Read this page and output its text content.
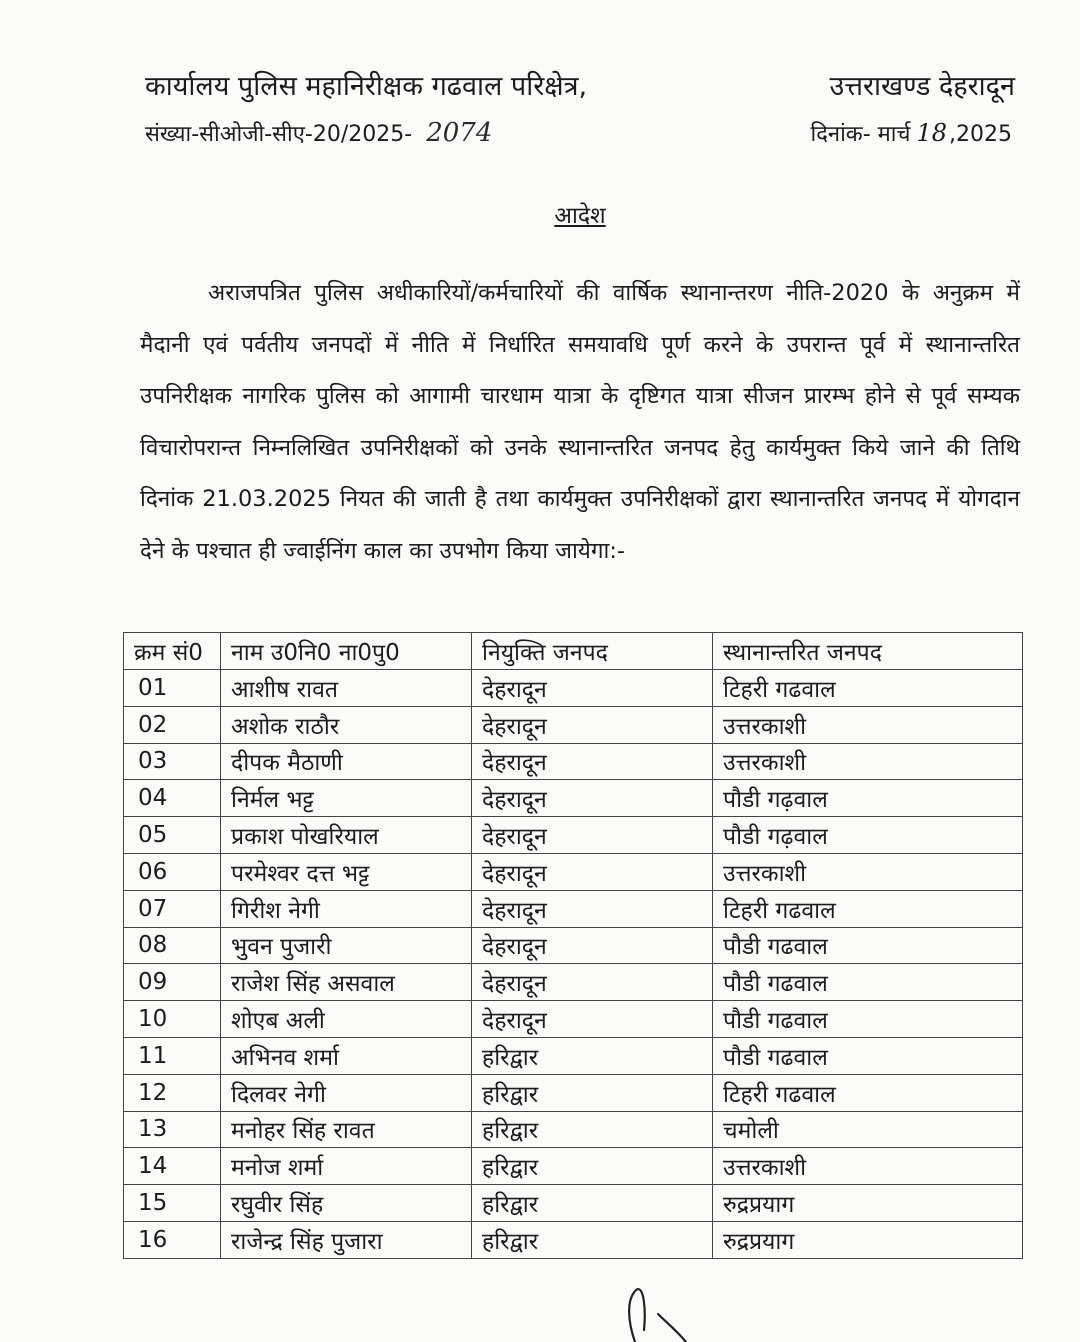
कार्यालय पुलिस महानिरीक्षक गढवाल परिक्षेत्र,	उत्तराखण्ड देहरादून
संख्या-सीओजी-सीए-20/2025- 2074	दिनांक- मार्च 18,2025
आदेश
अराजपत्रित पुलिस अधीकारियों/कर्मचारियों की वार्षिक स्थानान्तरण नीति-2020 के अनुक्रम में मैदानी एवं पर्वतीय जनपदों में नीति में निर्धारित समयावधि पूर्ण करने के उपरान्त पूर्व में स्थानान्तरित उपनिरीक्षक नागरिक पुलिस को आगामी चारधाम यात्रा के दृष्टिगत यात्रा सीजन प्रारम्भ होने से पूर्व सम्यक विचारोपरान्त निम्नलिखित उपनिरीक्षकों को उनके स्थानान्तरित जनपद हेतु कार्यमुक्त किये जाने की तिथि दिनांक 21.03.2025 नियत की जाती है तथा कार्यमुक्त उपनिरीक्षकों द्वारा स्थानान्तरित जनपद में योगदान देने के पश्चात ही ज्वाईनिंग काल का उपभोग किया जायेगा:-
क्रम सं0	नाम उ0नि0 ना0पु0	नियुक्ति जनपद	स्थानान्तरित जनपद
01	आशीष रावत	देहरादून	टिहरी गढवाल
02	अशोक राठौर	देहरादून	उत्तरकाशी
03	दीपक मैठाणी	देहरादून	उत्तरकाशी
04	निर्मल भट्ट	देहरादून	पौडी गढ़वाल
05	प्रकाश पोखरियाल	देहरादून	पौडी गढ़वाल
06	परमेश्वर दत्त भट्ट	देहरादून	उत्तरकाशी
07	गिरीश नेगी	देहरादून	टिहरी गढवाल
08	भुवन पुजारी	देहरादून	पौडी गढवाल
09	राजेश सिंह असवाल	देहरादून	पौडी गढवाल
10	शोएब अली	देहरादून	पौडी गढवाल
11	अभिनव शर्मा	हरिद्वार	पौडी गढवाल
12	दिलवर नेगी	हरिद्वार	टिहरी गढवाल
13	मनोहर सिंह रावत	हरिद्वार	चमोली
14	मनोज शर्मा	हरिद्वार	उत्तरकाशी
15	रघुवीर सिंह	हरिद्वार	रुद्रप्रयाग
16	राजेन्द्र सिंह पुजारा	हरिद्वार	रुद्रप्रयाग
